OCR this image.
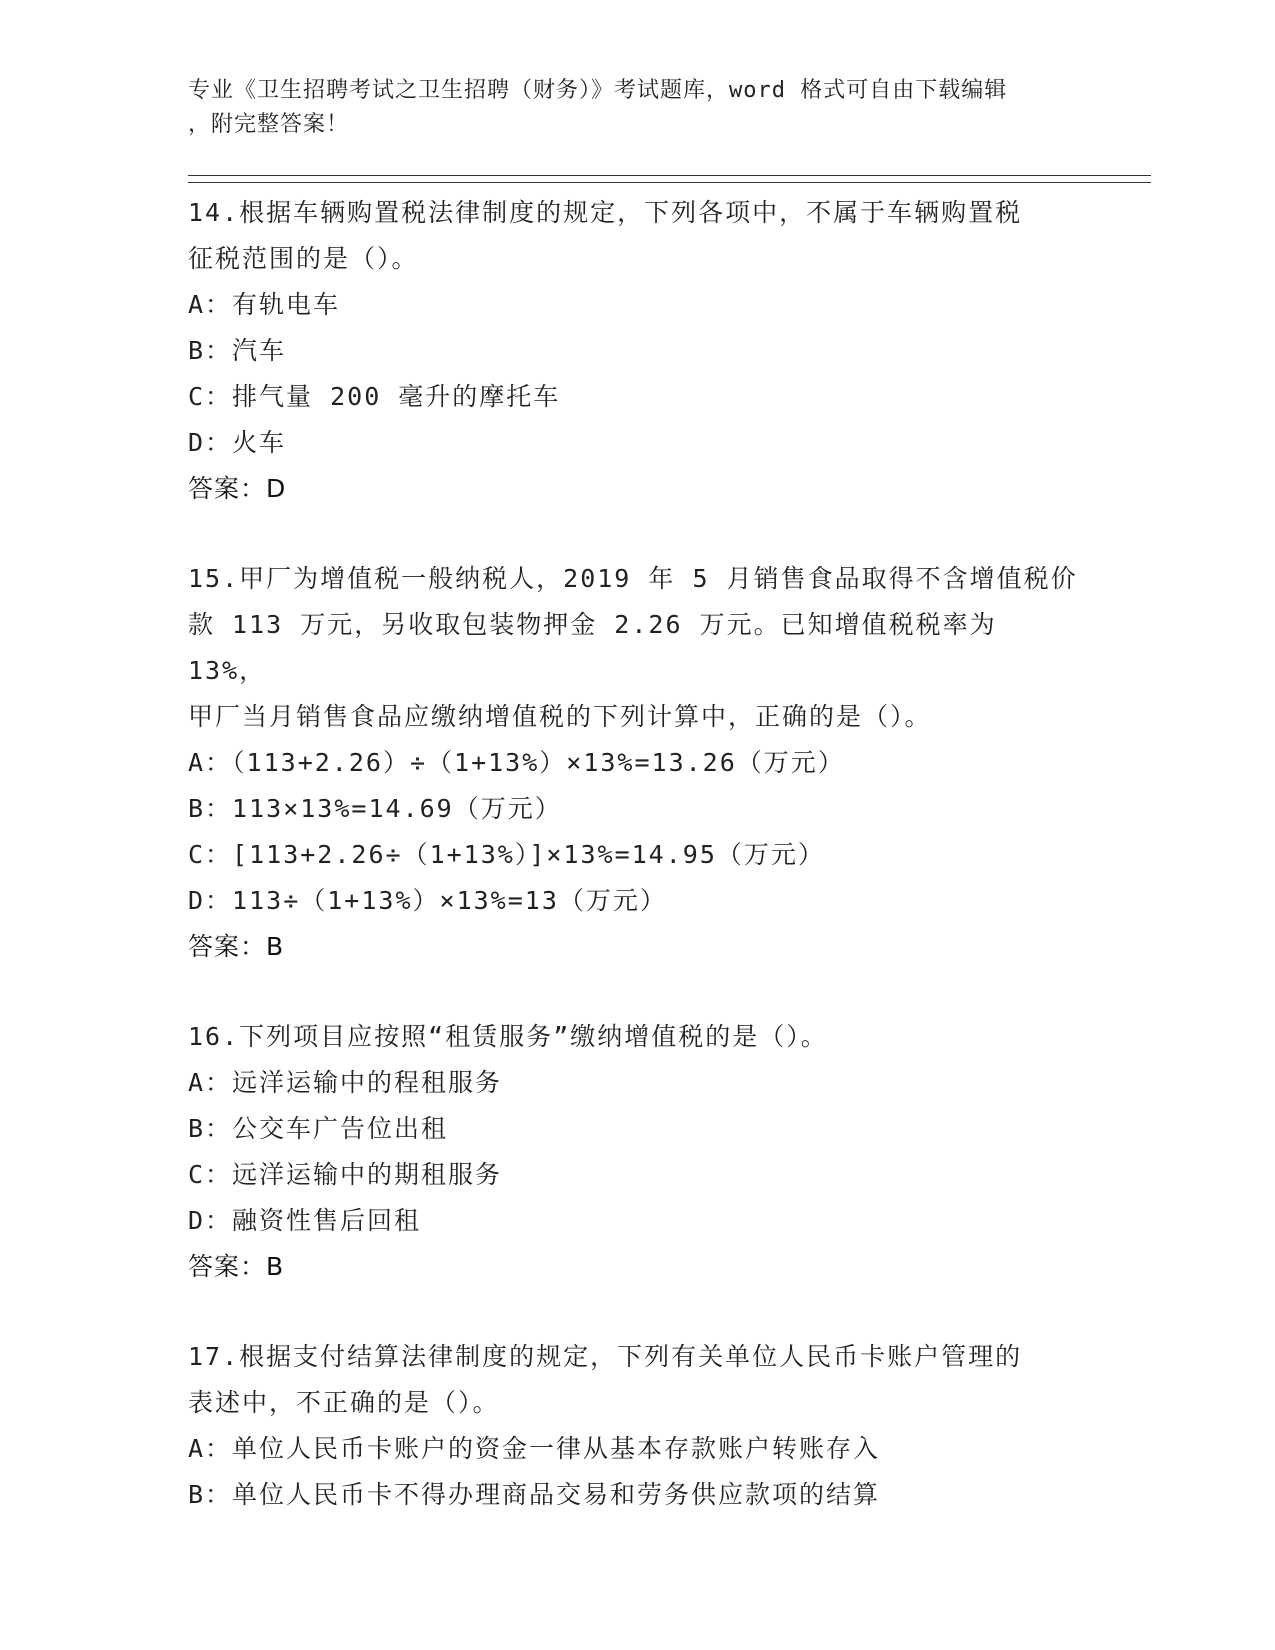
专业《卫生招聘考试之卫生招聘（财务）》考试题库，word 格式可自由下载编辑
，附完整答案！
14.根据车辆购置税法律制度的规定，下列各项中，不属于车辆购置税
征税范围的是（）。
A：有轨电车
B：汽车
C：排气量 200 毫升的摩托车
D：火车
答案：D
15.甲厂为增值税一般纳税人，2019 年 5 月销售食品取得不含增值税价
款 113 万元，另收取包装物押金 2.26 万元。已知增值税税率为 13%，
甲厂当月销售食品应缴纳增值税的下列计算中，正确的是（）。
A：（113+2.26）÷（1+13%）×13%=13.26（万元）
B：113×13%=14.69（万元）
C：[113+2.26÷（1+13%）]×13%=14.95（万元）
D：113÷（1+13%）×13%=13（万元）
答案：B
16.下列项目应按照“租赁服务”缴纳增值税的是（）。
A：远洋运输中的程租服务
B：公交车广告位出租
C：远洋运输中的期租服务
D：融资性售后回租
答案：B
17.根据支付结算法律制度的规定，下列有关单位人民币卡账户管理的
表述中，不正确的是（）。
A：单位人民币卡账户的资金一律从基本存款账户转账存入
B：单位人民币卡不得办理商品交易和劳务供应款项的结算
